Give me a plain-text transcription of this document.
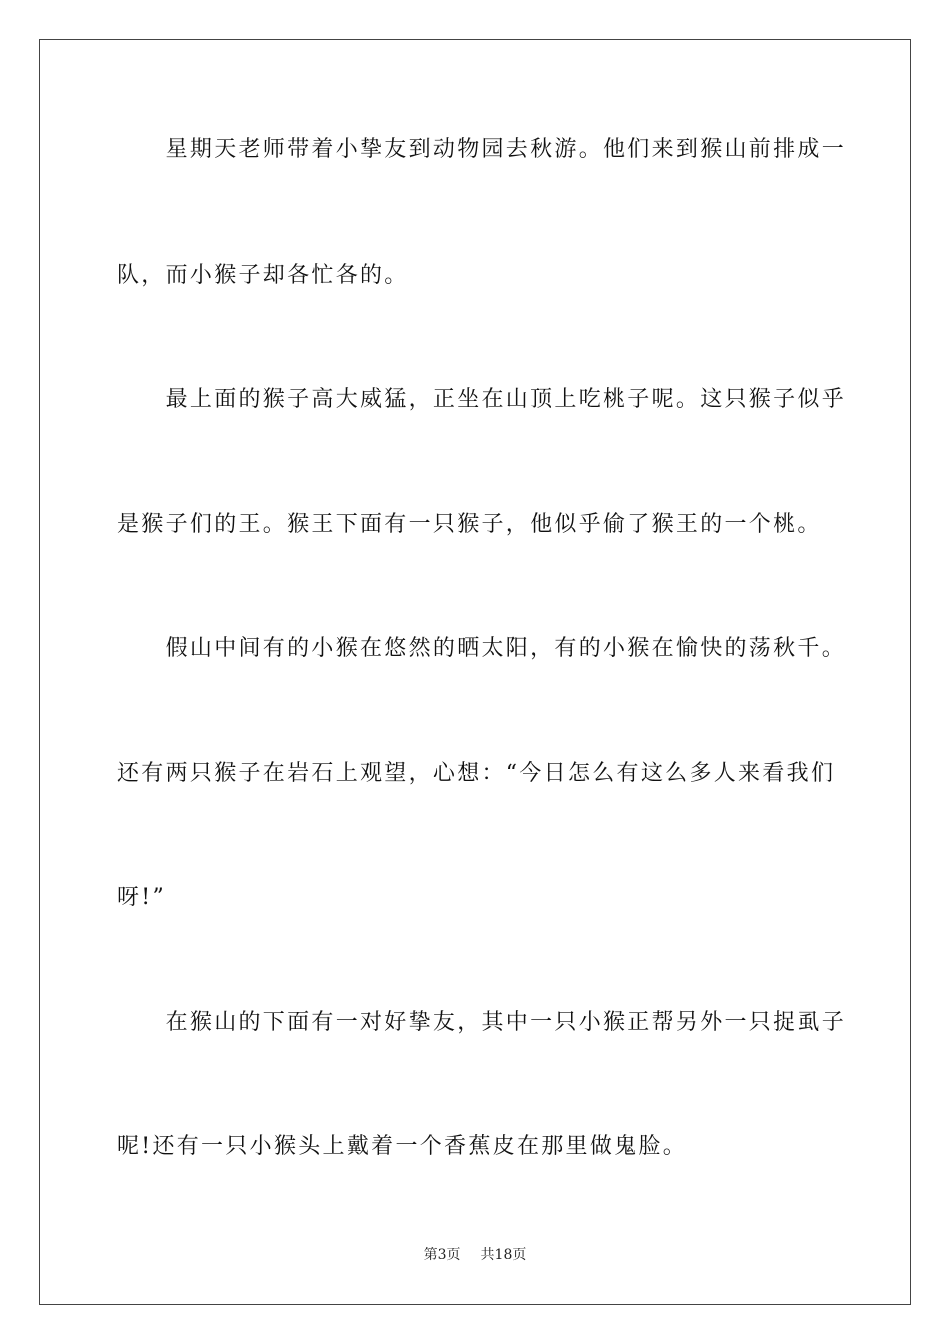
　　星期天老师带着小挚友到动物园去秋游。他们来到猴山前排成一
队，而小猴子却各忙各的。
　　最上面的猴子高大威猛，正坐在山顶上吃桃子呢。这只猴子似乎
是猴子们的王。猴王下面有一只猴子，他似乎偷了猴王的一个桃。
　　假山中间有的小猴在悠然的晒太阳，有的小猴在愉快的荡秋千。
还有两只猴子在岩石上观望，心想：“今日怎么有这么多人来看我们
呀!”
　　在猴山的下面有一对好挚友，其中一只小猴正帮另外一只捉虱子
呢!还有一只小猴头上戴着一个香蕉皮在那里做鬼脸。
第3页 共18页
